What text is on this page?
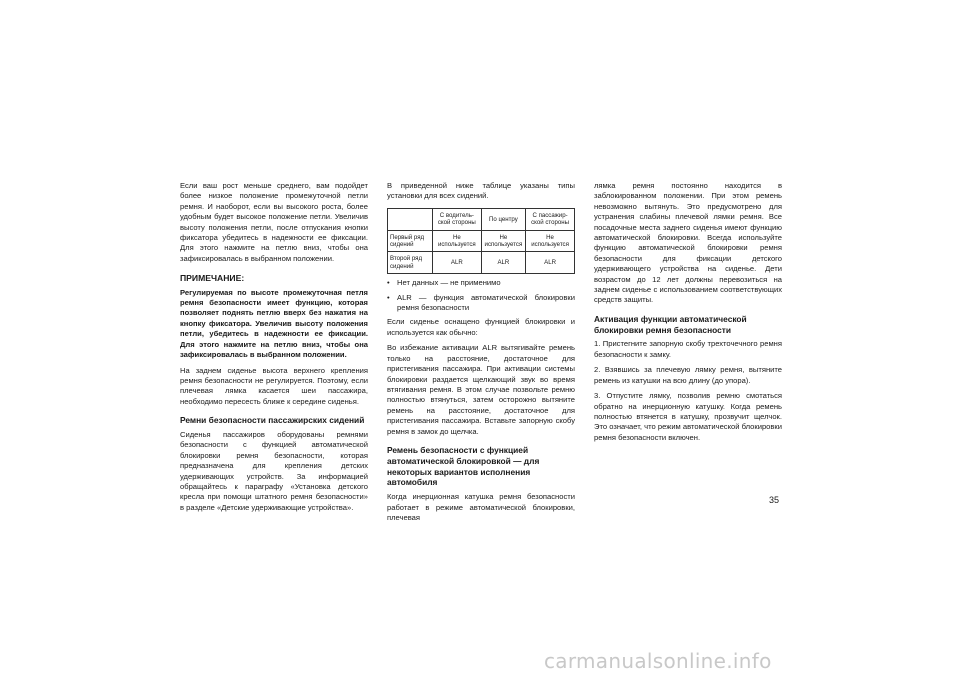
Если ваш рост меньше среднего, вам подойдет более низкое положение промежуточной петли ремня. И наоборот, если вы высокого роста, более удобным будет высокое положение петли. Увеличив высоту положения петли, после отпускания кнопки фиксатора убедитесь в надежности ее фиксации. Для этого нажмите на петлю вниз, чтобы она зафиксировалась в выбранном положении.

ПРИМЕЧАНИЕ:
Регулируемая по высоте промежуточная петля ремня безопасности имеет функцию, которая позволяет поднять петлю вверх без нажатия на кнопку фиксатора. Увеличив высоту положения петли, убедитесь в надежности ее фиксации. Для этого нажмите на петлю вниз, чтобы она зафиксировалась в выбранном положении.

На заднем сиденье высота верхнего крепления ремня безопасности не регулируется. Поэтому, если плечевая лямка касается шеи пассажира, необходимо пересесть ближе к середине сиденья.

Ремни безопасности пассажирских сидений

Сиденья пассажиров оборудованы ремнями безопасности с функцией автоматической блокировки ремня безопасности, которая предназначена для крепления детских удерживающих устройств. За информацией обращайтесь к параграфу «Установка детского кресла при помощи штатного ремня безопасности» в разделе «Детские удерживающие устройства».

В приведенной ниже таблице указаны типы установки для всех сидений.

	С водительской стороны	По центру	С пассажирской стороны
Первый ряд сидений	Не используется	Не используется	Не используется
Второй ряд сидений	ALR	ALR	ALR
• Нет данных — не применимо
• ALR — функция автоматической блокировки ремня безопасности

Если сиденье оснащено функцией блокировки и используется как обычно:

Во избежание активации ALR вытягивайте ремень только на расстояние, достаточное для пристегивания пассажира. При активации системы блокировки раздается щелкающий звук во время втягивания ремня. В этом случае позвольте ремню полностью втянуться, затем осторожно вытяните ремень на расстояние, достаточное для пристегивания пассажира. Вставьте запорную скобу ремня в замок до щелчка.

Ремень безопасности с функцией автоматической блокировкой — для некоторых вариантов исполнения автомобиля

Когда инерционная катушка ремня безопасности работает в режиме автоматической блокировки, плечевая

лямка ремня постоянно находится в заблокированном положении. При этом ремень невозможно вытянуть. Это предусмотрено для устранения слабины плечевой лямки ремня. Все посадочные места заднего сиденья имеют функцию автоматической блокировки. Всегда используйте функцию автоматической блокировки ремня безопасности для фиксации детского удерживающего устройства на сиденье. Дети возрастом до 12 лет должны перевозиться на заднем сиденье с использованием соответствующих средств защиты.

Активация функции автоматической блокировки ремня безопасности

1. Пристегните запорную скобу трехточечного ремня безопасности к замку.

2. Взявшись за плечевую лямку ремня, вытяните ремень из катушки на всю длину (до упора).

3. Отпустите лямку, позволив ремню смотаться обратно на инерционную катушку. Когда ремень полностью втянется в катушку, прозвучит щелчок. Это означает, что режим автоматической блокировки ремня безопасности включен.

35
carmanualsonline.info
